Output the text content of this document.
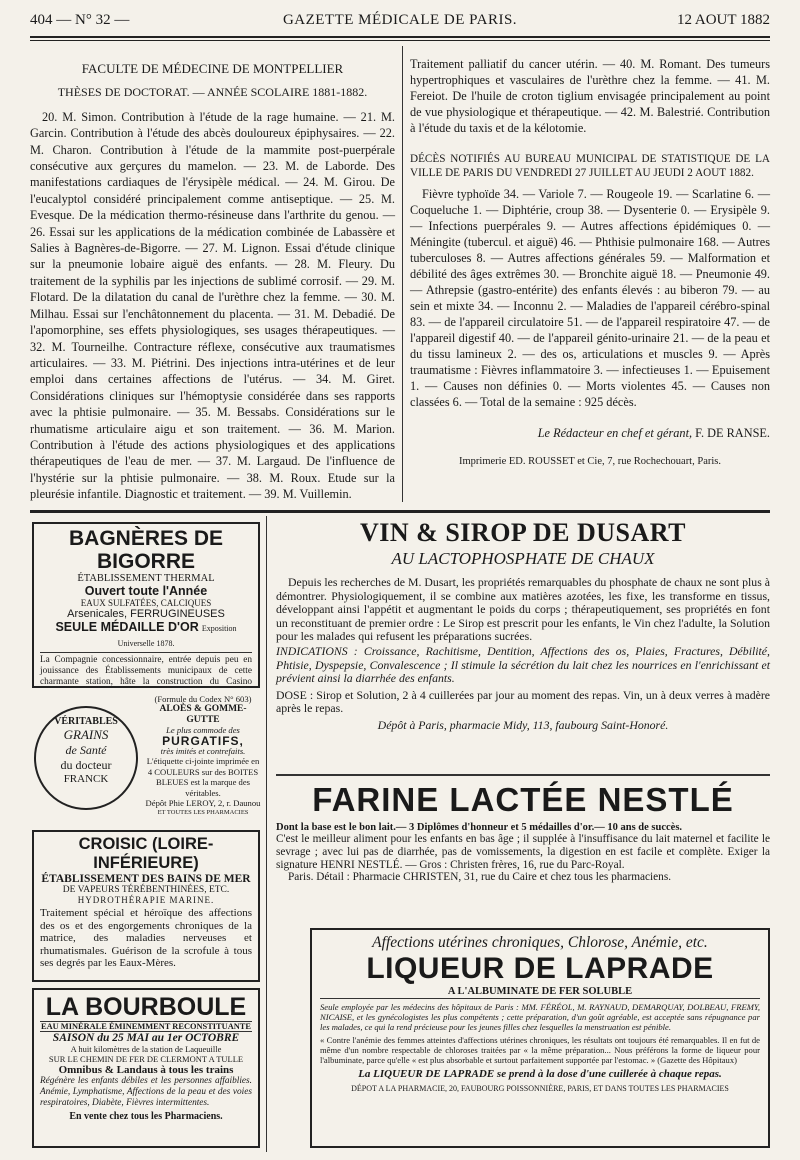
404 — N° 32 —	GAZETTE MÉDICALE DE PARIS.	12 AOUT 1882

FACULTE DE MÉDECINE DE MONTPELLIER

THÈSES DE DOCTORAT. — ANNÉE SCOLAIRE 1881-1882.

20. M. Simon. Contribution à l'étude de la rage humaine. — 21. M. Garcin. Contribution à l'étude des abcès douloureux épiphysaires. — 22. M. Charon. Contribution à l'étude de la mammite post-puerpérale consécutive aux gerçures du mamelon. — 23. M. de Laborde. Des manifestations cardiaques de l'érysipèle médical. — 24. M. Girou. De l'eucalyptol considéré principalement comme antiseptique. — 25. M. Evesque. De la médication thermo-résineuse dans l'arthrite du genou. — 26. Essai sur les applications de la médication combinée de Labassère et Salies à Bagnères-de-Bigorre. — 27. M. Lignon. Essai d'étude clinique sur la pneumonie lobaire aiguë des enfants. — 28. M. Fleury. Du traitement de la syphilis par les injections de sublimé corrosif. — 29. M. Flotard. De la dilatation du canal de l'urèthre chez la femme. — 30. M. Milhau. Essai sur l'enchâtonnement du placenta. — 31. M. Debadié. De l'apomorphine, ses effets physiologiques, ses usages thérapeutiques. — 32. M. Tourneilhe. Contracture réflexe, consécutive aux traumatismes articulaires. — 33. M. Piétrini. Des injections intra-utérines et de leur emploi dans certaines affections de l'utérus. — 34. M. Giret. Considérations cliniques sur l'hémoptysie considérée dans ses rapports avec la phtisie pulmonaire. — 35. M. Bessabs. Considérations sur le rhumatisme articulaire aigu et son traitement. — 36. M. Marion. Contribution à l'étude des actions physiologiques et des applications thérapeutiques de l'eau de mer. — 37. M. Largaud. De l'influence de l'hystérie sur la phtisie pulmonaire. — 38. M. Roux. Etude sur la pleurésie infantile. Diagnostic et traitement. — 39. M. Vuillemin.

Traitement palliatif du cancer utérin. — 40. M. Romant. Des tumeurs hypertrophiques et vasculaires de l'urèthre chez la femme. — 41. M. Fereiot. De l'huile de croton tiglium envisagée principalement au point de vue physiologique et thérapeutique. — 42. M. Balestrié. Contribution à l'étude du taxis et de la kélotomie.

DÉCÈS NOTIFIÉS AU BUREAU MUNICIPAL DE STATISTIQUE DE LA VILLE DE PARIS DU VENDREDI 27 JUILLET AU JEUDI 2 AOUT 1882.

Fièvre typhoïde 34. — Variole 7. — Rougeole 19. — Scarlatine 6. — Coqueluche 1. — Diphtérie, croup 38. — Dysenterie 0. — Erysipèle 9. — Infections puerpérales 9. — Autres affections épidémiques 0. — Méningite (tubercul. et aiguë) 46. — Phthisie pulmonaire 168. — Autres tuberculoses 8. — Autres affections générales 59. — Malformation et débilité des âges extrêmes 30. — Bronchite aiguë 18. — Pneumonie 49. — Athrepsie (gastro-entérite) des enfants élevés : au biberon 79. — au sein et mixte 34. — Inconnu 2. — Maladies de l'appareil cérébro-spinal 83. — de l'appareil circulatoire 51. — de l'appareil respiratoire 47. — de l'appareil digestif 40. — de l'appareil génito-urinaire 21. — de la peau et du tissu lamineux 2. — des os, articulations et muscles 9. — Après traumatisme : Fièvres inflammatoire 3. — infectieuses 1. — Epuisement 1. — Causes non définies 0. — Morts violentes 45. — Causes non classées 6. — Total de la semaine : 925 décès.

Le Rédacteur en chef et gérant, F. DE RANSE.

Imprimerie ED. ROUSSET et Cie, 7, rue Rochechouart, Paris.

BAGNÈRES DE BIGORRE
ÉTABLISSEMENT THERMAL
Ouvert toute l'Année
EAUX SULFATÉES, CALCIQUES
Arsenicales, FERRUGINEUSES
SEULE MÉDAILLE D'OR Exposition Universelle 1878.
La Compagnie concessionnaire, entrée depuis peu en jouissance des Établissements municipaux de cette charmante station, hâte la construction du Casino
VÉRITABLES
GRAINS
de Santé
du docteur
FRANCK
(Formule du Codex N° 603)
ALOÈS & GOMME-GUTTE
Le plus commode des
PURGATIFS,
très imités et contrefaits.
L'étiquette ci-jointe imprimée en 4 COULEURS sur des BOITES BLEUES est la marque des véritables.
Dépôt Phie LEROY, 2, r. Daunou
ET TOUTES LES PHARMACIES
CROISIC (LOIRE-INFÉRIEURE)
ÉTABLISSEMENT DES BAINS DE MER
DE VAPEURS TÉRÉBENTHINÉES, ETC.
HYDROTHÉRAPIE MARINE.
Traitement spécial et héroïque des affections des os et des engorgements chroniques de la matrice, des maladies nerveuses et rhumatismales. Guérison de la scrofule à tous ses degrés par les Eaux-Mères.
LA BOURBOULE
EAU MINÉRALE ÉMINEMMENT RECONSTITUANTE
SAISON du 25 MAI au 1er OCTOBRE
A huit kilomètres de la station de Laqueuille
SUR LE CHEMIN DE FER DE CLERMONT A TULLE
Omnibus & Landaus à tous les trains
Régénère les enfants débiles et les personnes affaiblies. Anémie, Lymphatisme, Affections de la peau et des voies respiratoires, Diabète, Fièvres intermittentes.
En vente chez tous les Pharmaciens.
VIN & SIROP DE DUSART
AU LACTOPHOSPHATE DE CHAUX
Depuis les recherches de M. Dusart, les propriétés remarquables du phosphate de chaux ne sont plus à démontrer. Physiologiquement, il se combine aux matières azotées, les fixe, les transforme en tissus, développant ainsi l'appétit et augmentant le poids du corps ; thérapeutiquement, ses propriétés en font un reconstituant de premier ordre : Le Sirop est prescrit pour les enfants, le Vin chez l'adulte, la Solution pour les malades qui refusent les préparations sucrées.
INDICATIONS : Croissance, Rachitisme, Dentition, Affections des os, Plaies, Fractures, Débilité, Phtisie, Dyspepsie, Convalescence ; Il stimule la sécrétion du lait chez les nourrices en l'enrichissant et prévient ainsi la diarrhée des enfants.
DOSE : Sirop et Solution, 2 à 4 cuillerées par jour au moment des repas. Vin, un à deux verres à madère après le repas.
Dépôt à Paris, pharmacie Midy, 113, faubourg Saint-Honoré.
FARINE LACTÉE NESTLÉ
Dont la base est le bon lait.— 3 Diplômes d'honneur et 5 médailles d'or.— 10 ans de succès.
C'est le meilleur aliment pour les enfants en bas âge ; il supplée à l'insuffisance du lait maternel et facilite le sevrage ; avec lui pas de diarrhée, pas de vomissements, la digestion en est facile et complète. Exiger la signature HENRI NESTLÉ. — Gros : Christen frères, 16, rue du Parc-Royal.
Paris. Détail : Pharmacie CHRISTEN, 31, rue du Caire et chez tous les pharmaciens.
Affections utérines chroniques, Chlorose, Anémie, etc.
LIQUEUR DE LAPRADE
A L'ALBUMINATE DE FER SOLUBLE
Seule employée par les médecins des hôpitaux de Paris : MM. FÉRÉOL, M. RAYNAUD, DEMARQUAY, DOLBEAU, FREMY, NICAISE, et les gynécologistes les plus compétents ; cette préparation, d'un goût agréable, est acceptée sans répugnance par les malades, ce qui la rend précieuse pour les jeunes filles chez lesquelles la menstruation est pénible.
« Contre l'anémie des femmes atteintes d'affections utérines chroniques, les résultats ont toujours été remarquables. Il en fut de même d'un nombre respectable de chloroses traitées par « la même préparation... Nous préférons la forme de liqueur pour l'albuminate, parce qu'elle « est plus absorbable et surtout parfaitement supportée par l'estomac. » (Gazette des Hôpitaux)
La LIQUEUR DE LAPRADE se prend à la dose d'une cuillerée à chaque repas.
DÉPOT A LA PHARMACIE, 20, FAUBOURG POISSONNIÈRE, PARIS, ET DANS TOUTES LES PHARMACIES
